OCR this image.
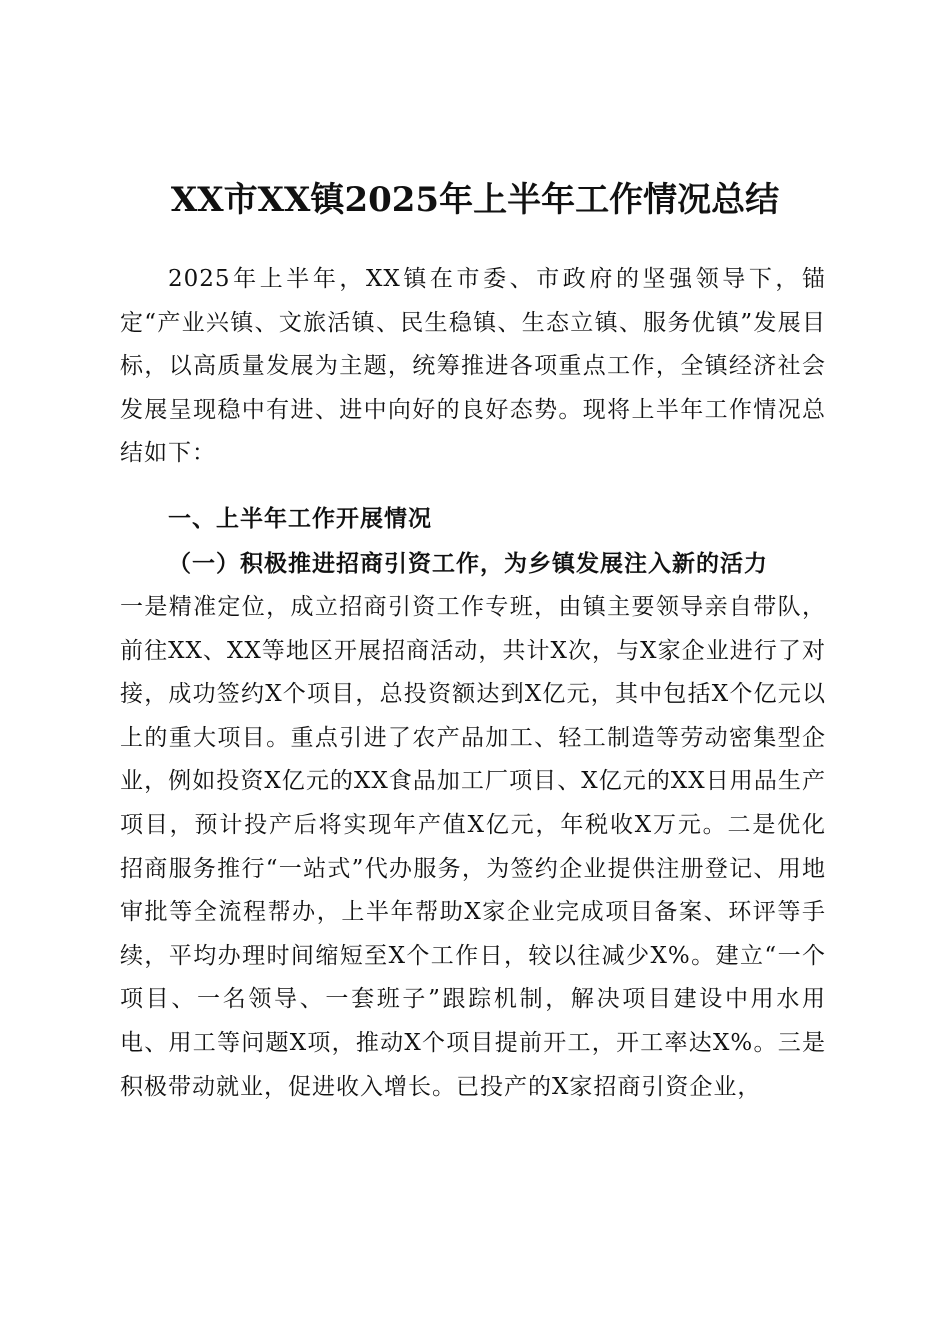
XX市XX镇2025年上半年工作情况总结

2025年上半年，XX镇在市委、市政府的坚强领导下，锚定“产业兴镇、文旅活镇、民生稳镇、生态立镇、服务优镇”发展目标，以高质量发展为主题，统筹推进各项重点工作，全镇经济社会发展呈现稳中有进、进中向好的良好态势。现将上半年工作情况总结如下：

一、上半年工作开展情况
（一）积极推进招商引资工作，为乡镇发展注入新的活力

一是精准定位，成立招商引资工作专班，由镇主要领导亲自带队，前往XX、XX等地区开展招商活动，共计X次，与X家企业进行了对接，成功签约X个项目，总投资额达到X亿元，其中包括X个亿元以上的重大项目。重点引进了农产品加工、轻工制造等劳动密集型企业，例如投资X亿元的XX食品加工厂项目、X亿元的XX日用品生产项目，预计投产后将实现年产值X亿元，年税收X万元。二是优化招商服务推行“一站式”代办服务，为签约企业提供注册登记、用地审批等全流程帮办，上半年帮助X家企业完成项目备案、环评等手续，平均办理时间缩短至X个工作日，较以往减少X%。建立“一个项目、一名领导、一套班子”跟踪机制，解决项目建设中用水用电、用工等问题X项，推动X个项目提前开工，开工率达X%。三是积极带动就业，促进收入增长。已投产的X家招商引资企业，
